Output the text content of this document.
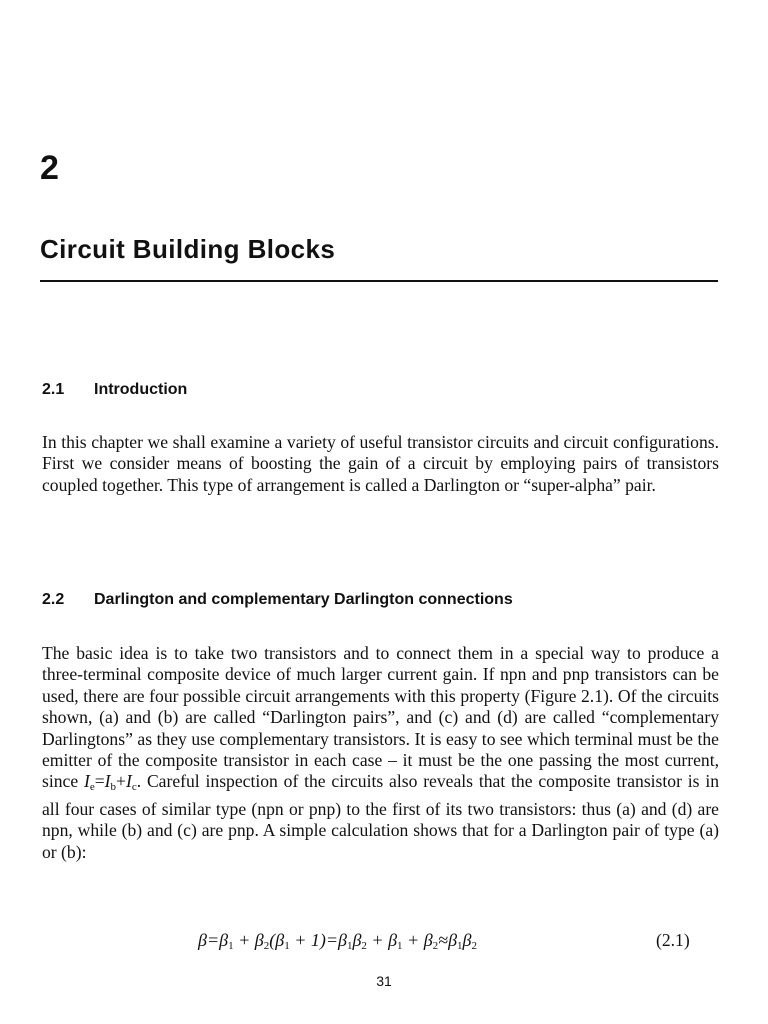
2
Circuit Building Blocks
2.1 Introduction

In this chapter we shall examine a variety of useful transistor circuits and circuit configurations. First we consider means of boosting the gain of a circuit by employing pairs of transistors coupled together. This type of arrangement is called a Darlington or “super-alpha” pair.

2.2 Darlington and complementary Darlington connections

The basic idea is to take two transistors and to connect them in a special way to produce a three-terminal composite device of much larger current gain. If npn and pnp transistors can be used, there are four possible circuit arrangements with this property (Figure 2.1). Of the circuits shown, (a) and (b) are called “Darlington pairs”, and (c) and (d) are called “complementary Darlingtons” as they use complementary transistors. It is easy to see which terminal must be the emitter of the composite transistor in each case – it must be the one passing the most current, since $I_e=I_b+I_c$. Careful inspection of the circuits also reveals that the composite transistor is in all four cases of similar type (npn or pnp) to the first of its two transistors: thus (a) and (d) are npn, while (b) and (c) are pnp. A simple calculation shows that for a Darlington pair of type (a) or (b):

$\beta=\beta_1 + \beta_2(\beta_1 + 1)=\beta_1\beta_2 + \beta_1 + \beta_2\approx\beta_1\beta_2$	(2.1)
31
